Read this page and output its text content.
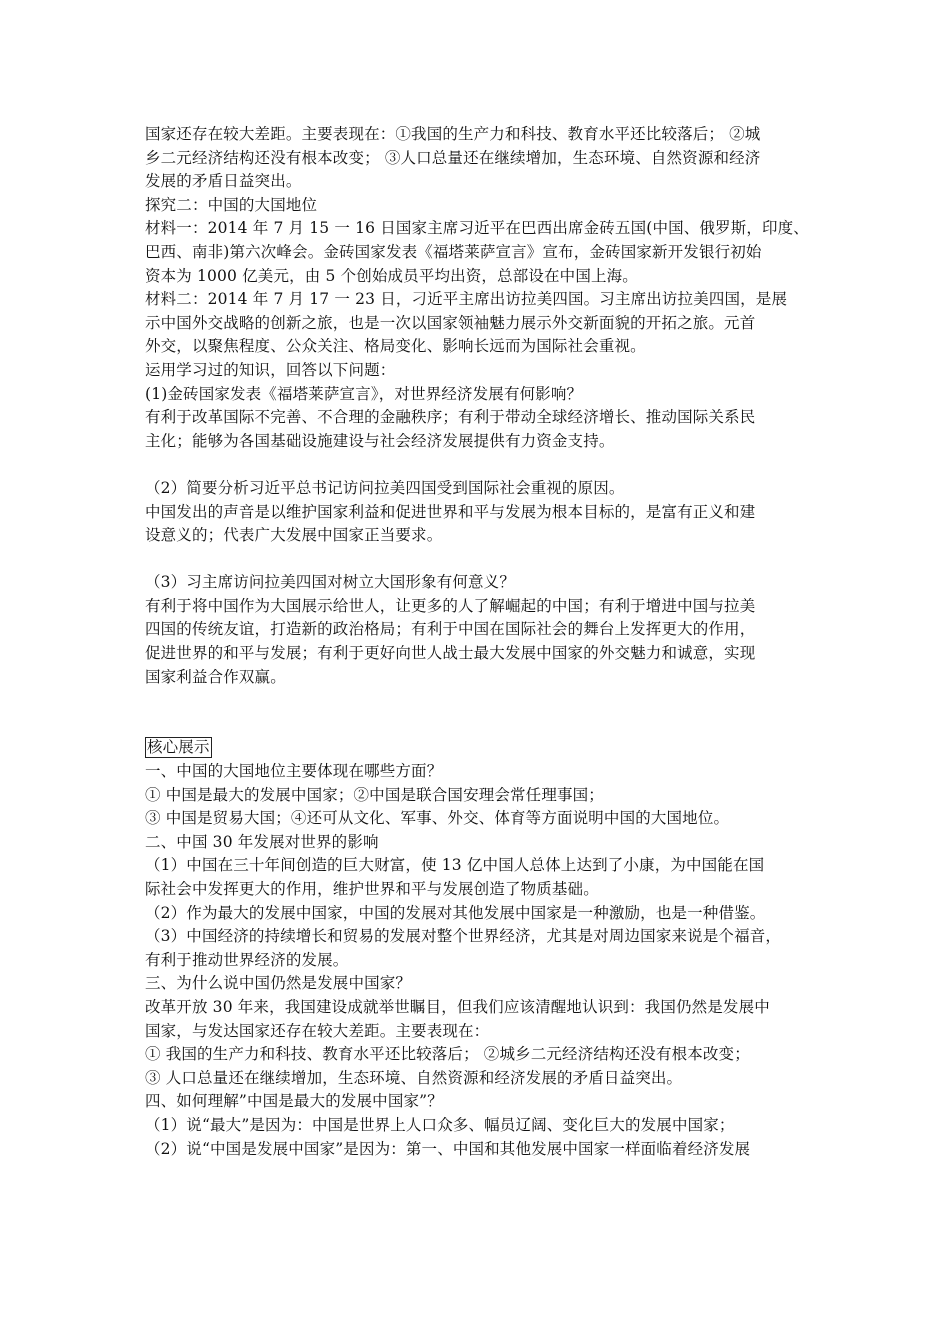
国家还存在较大差距。主要表现在：①我国的生产力和科技、教育水平还比较落后； ②城
乡二元经济结构还没有根本改变； ③人口总量还在继续增加，生态环境、自然资源和经济
发展的矛盾日益突出。
探究二：中国的大国地位
材料一：2014 年 7 月 15 一 16 日国家主席习近平在巴西出席金砖五国(中国、俄罗斯，印度、
巴西、南非)第六次峰会。金砖国家发表《福塔莱萨宣言》宣布，金砖国家新开发银行初始
资本为 1000 亿美元，由 5 个创始成员平均出资，总部设在中国上海。
材料二：2014 年 7 月 17 一 23 日，刁近平主席出访拉美四国。习主席出访拉美四国，是展
示中国外交战略的创新之旅，也是一次以国家领袖魅力展示外交新面貌的开拓之旅。元首
外交，以聚焦程度、公众关注、格局变化、影响长远而为国际社会重视。
运用学习过的知识，回答以下问题：
(1)金砖国家发表《福塔莱萨宣言》，对世界经济发展有何影响？
有利于改革国际不完善、不合理的金融秩序；有利于带动全球经济增长、推动国际关系民
主化；能够为各国基础设施建设与社会经济发展提供有力资金支持。
（2）简要分析习近平总书记访问拉美四国受到国际社会重视的原因。
中国发出的声音是以维护国家利益和促进世界和平与发展为根本目标的，是富有正义和建
设意义的；代表广大发展中国家正当要求。
（3）习主席访问拉美四国对树立大国形象有何意义？
有利于将中国作为大国展示给世人，让更多的人了解崛起的中国；有利于增进中国与拉美
四国的传统友谊，打造新的政治格局；有利于中国在国际社会的舞台上发挥更大的作用，
促进世界的和平与发展；有利于更好向世人战士最大发展中国家的外交魅力和诚意，实现
国家利益合作双赢。
核心展示
一、中国的大国地位主要体现在哪些方面？
① 中国是最大的发展中国家；②中国是联合国安理会常任理事国；
③ 中国是贸易大国；④还可从文化、军事、外交、体育等方面说明中国的大国地位。
二、中国 30 年发展对世界的影响
（1）中国在三十年间创造的巨大财富，使 13 亿中国人总体上达到了小康，为中国能在国
际社会中发挥更大的作用，维护世界和平与发展创造了物质基础。
（2）作为最大的发展中国家，中国的发展对其他发展中国家是一种激励，也是一种借鉴。
（3）中国经济的持续增长和贸易的发展对整个世界经济，尤其是对周边国家来说是个福音，
有利于推动世界经济的发展。
三、为什么说中国仍然是发展中国家？
改革开放 30 年来，我国建设成就举世瞩目，但我们应该清醒地认识到：我国仍然是发展中
国家，与发达国家还存在较大差距。主要表现在：
① 我国的生产力和科技、教育水平还比较落后； ②城乡二元经济结构还没有根本改变；
③ 人口总量还在继续增加，生态环境、自然资源和经济发展的矛盾日益突出。
四、如何理解”中国是最大的发展中国家”？
（1）说“最大”是因为：中国是世界上人口众多、幅员辽阔、变化巨大的发展中国家；
（2）说“中国是发展中国家”是因为：第一、中国和其他发展中国家一样面临着经济发展
